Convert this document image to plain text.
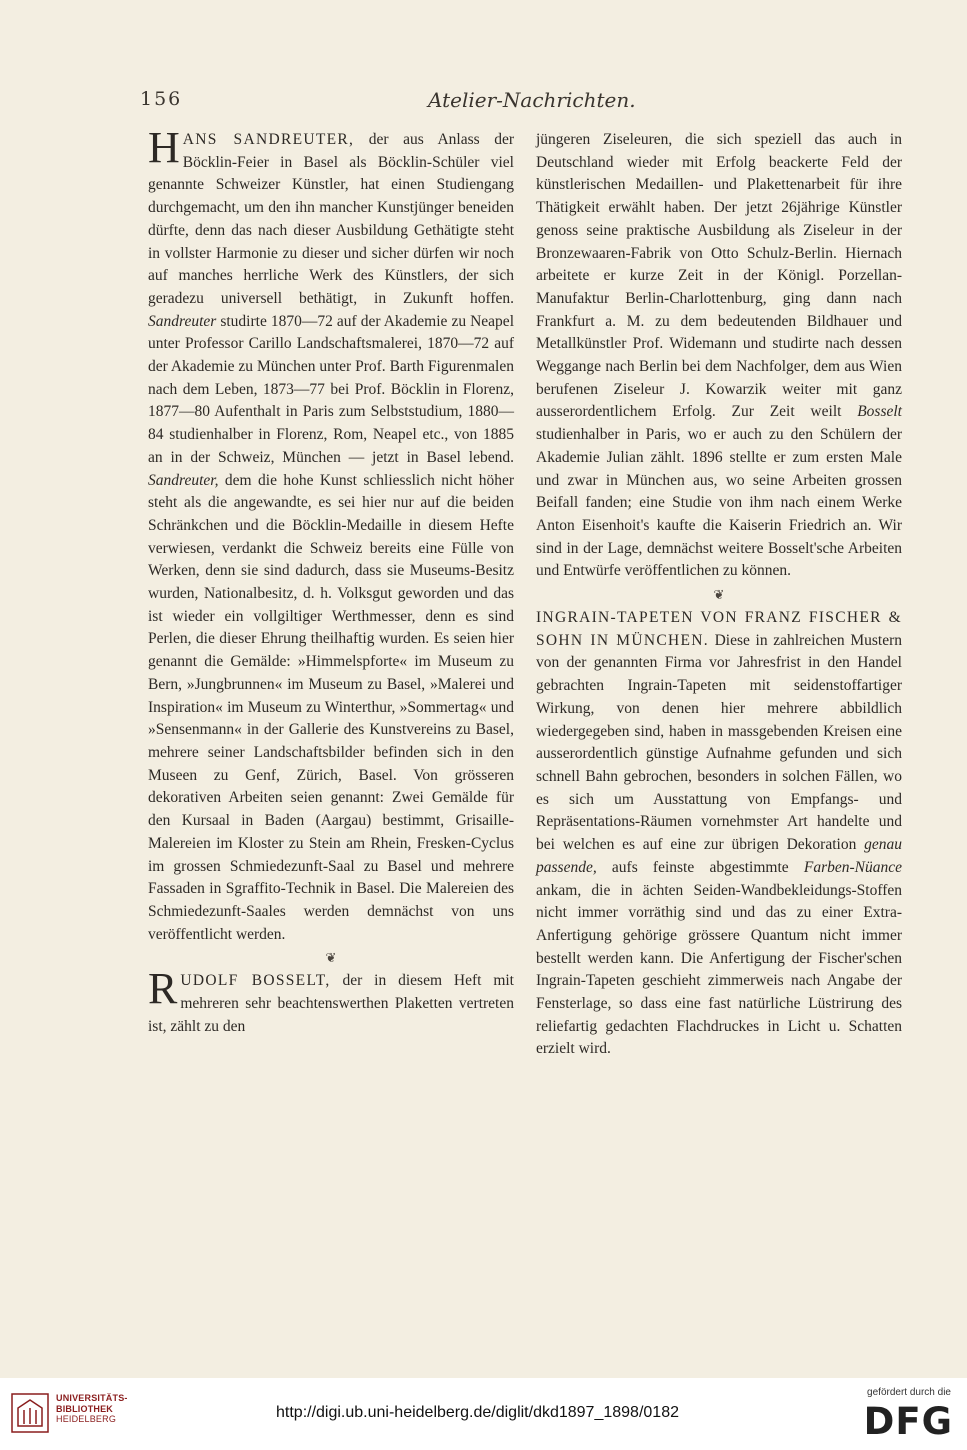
156	Atelier-Nachrichten.

HANS SANDREUTER, der aus Anlass der Böcklin-Feier in Basel als Böcklin-Schüler viel genannte Schweizer Künstler, hat einen Studiengang durchgemacht, um den ihn mancher Kunstjünger beneiden dürfte, denn das nach dieser Ausbildung Gethätigte steht in vollster Harmonie zu dieser und sicher dürfen wir noch auf manches herrliche Werk des Künstlers, der sich geradezu universell bethätigt, in Zukunft hoffen. Sandreuter studirte 1870—72 auf der Akademie zu Neapel unter Professor Carillo Landschaftsmalerei, 1870—72 auf der Akademie zu München unter Prof. Barth Figurenmalen nach dem Leben, 1873—77 bei Prof. Böcklin in Florenz, 1877—80 Aufenthalt in Paris zum Selbststudium, 1880—84 studienhalber in Florenz, Rom, Neapel etc., von 1885 an in der Schweiz, München — jetzt in Basel lebend. Sandreuter, dem die hohe Kunst schliesslich nicht höher steht als die angewandte, es sei hier nur auf die beiden Schränkchen und die Böcklin-Medaille in diesem Hefte verwiesen, verdankt die Schweiz bereits eine Fülle von Werken, denn sie sind dadurch, dass sie Museums-Besitz wurden, Nationalbesitz, d. h. Volksgut geworden und das ist wieder ein vollgiltiger Werthmesser, denn es sind Perlen, die dieser Ehrung theilhaftig wurden. Es seien hier genannt die Gemälde: »Himmelspforte« im Museum zu Bern, »Jungbrunnen« im Museum zu Basel, »Malerei und Inspiration« im Museum zu Winterthur, »Sommertag« und »Sensenmann« in der Gallerie des Kunstvereins zu Basel, mehrere seiner Landschaftsbilder befinden sich in den Museen zu Genf, Zürich, Basel. Von grösseren dekorativen Arbeiten seien genannt: Zwei Gemälde für den Kursaal in Baden (Aargau) bestimmt, Grisaille-Malereien im Kloster zu Stein am Rhein, Fresken-Cyclus im grossen Schmiedezunft-Saal zu Basel und mehrere Fassaden in Sgraffito-Technik in Basel. Die Malereien des Schmiedezunft-Saales werden demnächst von uns veröffentlicht werden.

❦

RUDOLF BOSSELT, der in diesem Heft mit mehreren sehr beachtenswerthen Plaketten vertreten ist, zählt zu den

jüngeren Ziseleuren, die sich speziell das auch in Deutschland wieder mit Erfolg beackerte Feld der künstlerischen Medaillen- und Plakettenarbeit für ihre Thätigkeit erwählt haben. Der jetzt 26jährige Künstler genoss seine praktische Ausbildung als Ziseleur in der Bronzewaaren-Fabrik von Otto Schulz-Berlin. Hiernach arbeitete er kurze Zeit in der Königl. Porzellan-Manufaktur Berlin-Charlottenburg, ging dann nach Frankfurt a. M. zu dem bedeutenden Bildhauer und Metallkünstler Prof. Widemann und studirte nach dessen Weggange nach Berlin bei dem Nachfolger, dem aus Wien berufenen Ziseleur J. Kowarzik weiter mit ganz ausserordentlichem Erfolg. Zur Zeit weilt Bosselt studienhalber in Paris, wo er auch zu den Schülern der Akademie Julian zählt. 1896 stellte er zum ersten Male und zwar in München aus, wo seine Arbeiten grossen Beifall fanden; eine Studie von ihm nach einem Werke Anton Eisenhoit's kaufte die Kaiserin Friedrich an. Wir sind in der Lage, demnächst weitere Bosselt'sche Arbeiten und Entwürfe veröffentlichen zu können.

❦

INGRAIN-TAPETEN VON FRANZ FISCHER & SOHN IN MÜNCHEN. Diese in zahlreichen Mustern von der genannten Firma vor Jahresfrist in den Handel gebrachten Ingrain-Tapeten mit seidenstoffartiger Wirkung, von denen hier mehrere abbildlich wiedergegeben sind, haben in massgebenden Kreisen eine ausserordentlich günstige Aufnahme gefunden und sich schnell Bahn gebrochen, besonders in solchen Fällen, wo es sich um Ausstattung von Empfangs- und Repräsentations-Räumen vornehmster Art handelte und bei welchen es auf eine zur übrigen Dekoration genau passende, aufs feinste abgestimmte Farben-Nüance ankam, die in ächten Seiden-Wandbekleidungs-Stoffen nicht immer vorräthig sind und das zu einer Extra-Anfertigung gehörige grössere Quantum nicht immer bestellt werden kann. Die Anfertigung der Fischer'schen Ingrain-Tapeten geschieht zimmerweis nach Angabe der Fensterlage, so dass eine fast natürliche Lüstrirung des reliefartig gedachten Flachdruckes in Licht u. Schatten erzielt wird.

UNIVERSITÄTS-
BIBLIOTHEK
HEIDELBERG	http://digi.ub.uni-heidelberg.de/diglit/dkd1897_1898/0182
gefördert durch die
DFG
